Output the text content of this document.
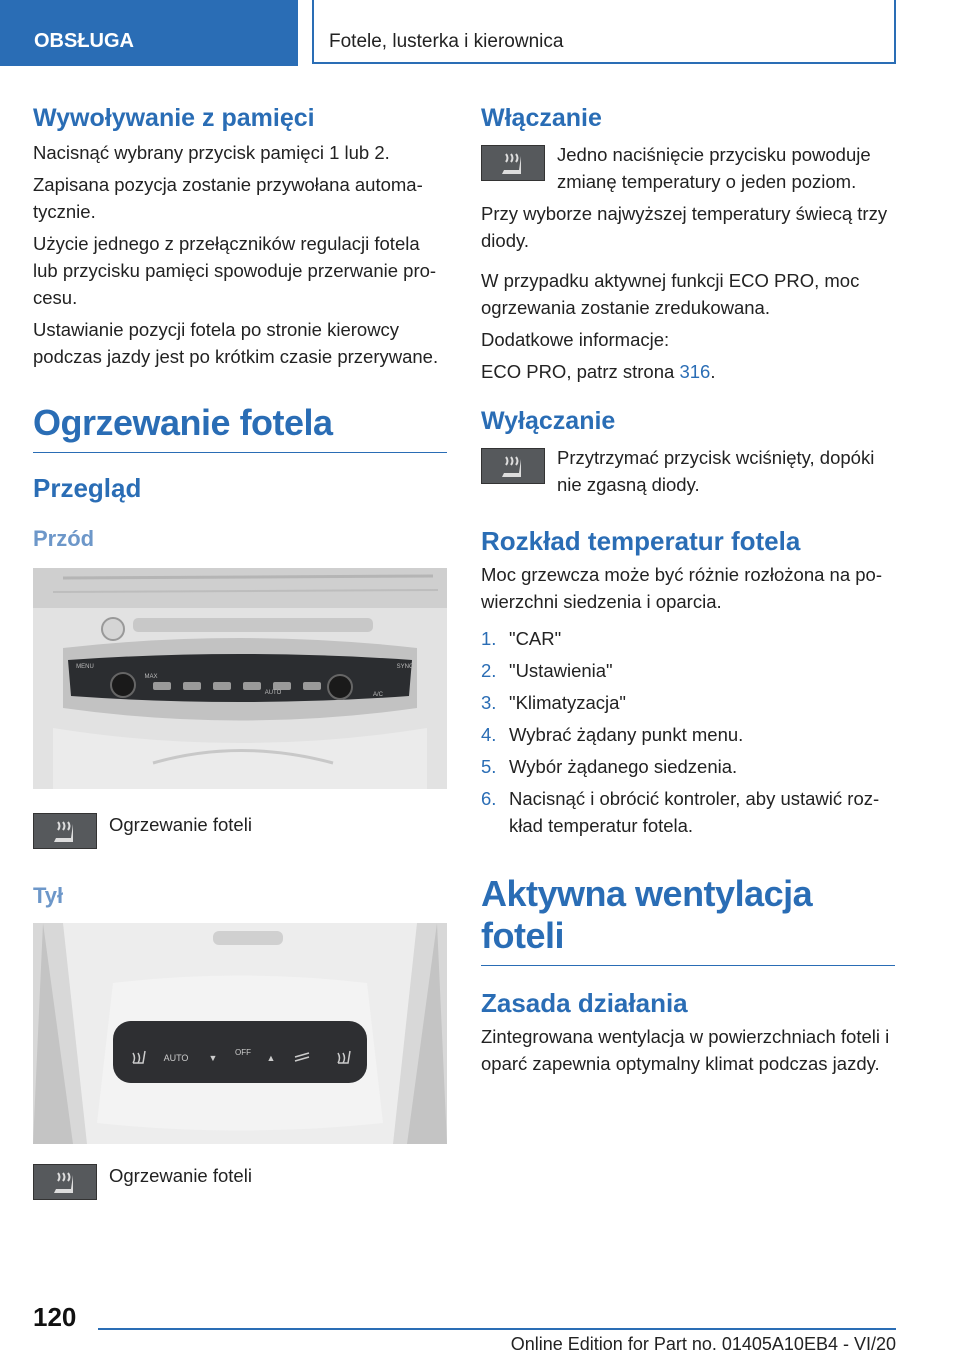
OBSŁUGA	Fotele, lusterka i kierownica
Wywoływanie z pamięci

Nacisnąć wybrany przycisk pamięci 1 lub 2.

Zapisana pozycja zostanie przywołana automa-tycznie.

Użycie jednego z przełączników regulacji fotela lub przycisku pamięci spowoduje przerwanie pro-cesu.

Ustawianie pozycji fotela po stronie kierowcy podczas jazdy jest po krótkim czasie przerywane.

Ogrzewanie fotela
Przegląd
Przód
MENU
MAX
AUTO	A/C
SYNC

Ogrzewanie foteli

Tył
AUTO ▼
OFF
▲

Ogrzewanie foteli

Włączanie

Jedno naciśnięcie przycisku powoduje zmianę temperatury o jeden poziom.

Przy wyborze najwyższej temperatury świecą trzy diody.

W przypadku aktywnej funkcji ECO PRO, moc ogrzewania zostanie zredukowana.

Dodatkowe informacje:

ECO PRO, patrz strona 316.

Wyłączanie

Przytrzymać przycisk wciśnięty, dopóki nie zgasną diody.

Rozkład temperatur fotela

Moc grzewcza może być różnie rozłożona na po-wierzchni siedzenia i oparcia.

1. "CAR"
2. "Ustawienia"
3. "Klimatyzacja"
4. Wybrać żądany punkt menu.
5. Wybór żądanego siedzenia.
6. Nacisnąć i obrócić kontroler, aby ustawić roz-kład temperatur fotela.
Aktywna wentylacja foteli
Zasada działania

Zintegrowana wentylacja w powierzchniach foteli i oparć zapewnia optymalny klimat podczas jazdy.

120
Online Edition for Part no. 01405A10EB4 - VI/20
